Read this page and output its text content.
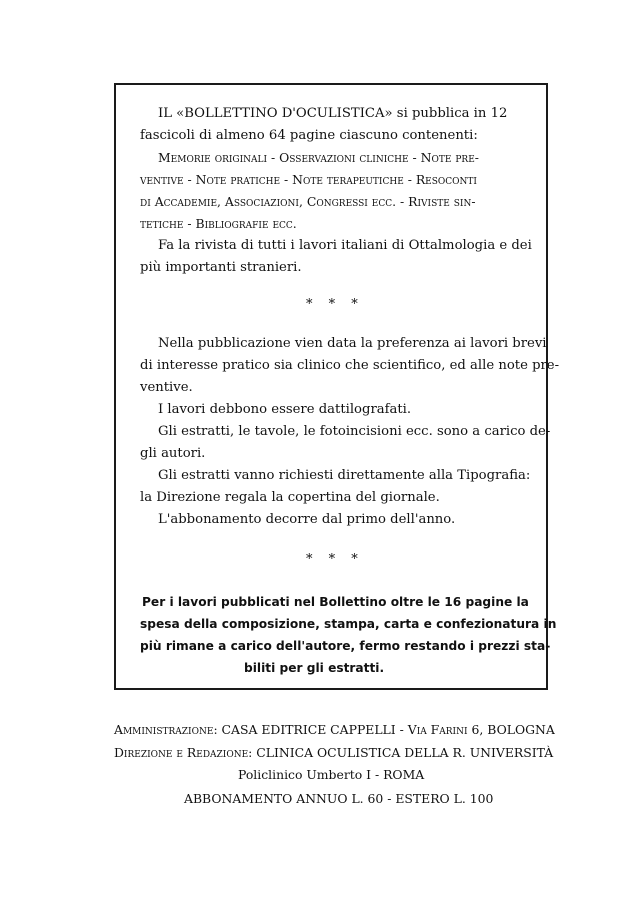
IL «BOLLETTINO D'OCULISTICA» si pubblica in 12
fascicoli di almeno 64 pagine ciascuno contenenti:
Memorie originali - Osservazioni cliniche - Note pre-
ventive - Note pratiche - Note terapeutiche - Resoconti
di Accademie, Associazioni, Congressi ecc. - Riviste sin-
tetiche - Bibliografie ecc.
Fa la rivista di tutti i lavori italiani di Ottalmologia e dei
più importanti stranieri.
* * *
Nella pubblicazione vien data la preferenza ai lavori brevi
di interesse pratico sia clinico che scientifico, ed alle note pre-
ventive.
I lavori debbono essere dattilografati.
Gli estratti, le tavole, le fotoincisioni ecc. sono a carico de-
gli autori.
Gli estratti vanno richiesti direttamente alla Tipografia:
la Direzione regala la copertina del giornale.
L'abbonamento decorre dal primo dell'anno.
* * *
Per i lavori pubblicati nel Bollettino oltre le 16 pagine la
spesa della composizione, stampa, carta e confezionatura in
più rimane a carico dell'autore, fermo restando i prezzi sta-
biliti per gli estratti.
Amministrazione: CASA EDITRICE CAPPELLI - Via Farini 6, BOLOGNA
Direzione e Redazione: CLINICA OCULISTICA DELLA R. UNIVERSITÀ
Policlinico Umberto I - ROMA
ABBONAMENTO ANNUO L. 60 - ESTERO L. 100
